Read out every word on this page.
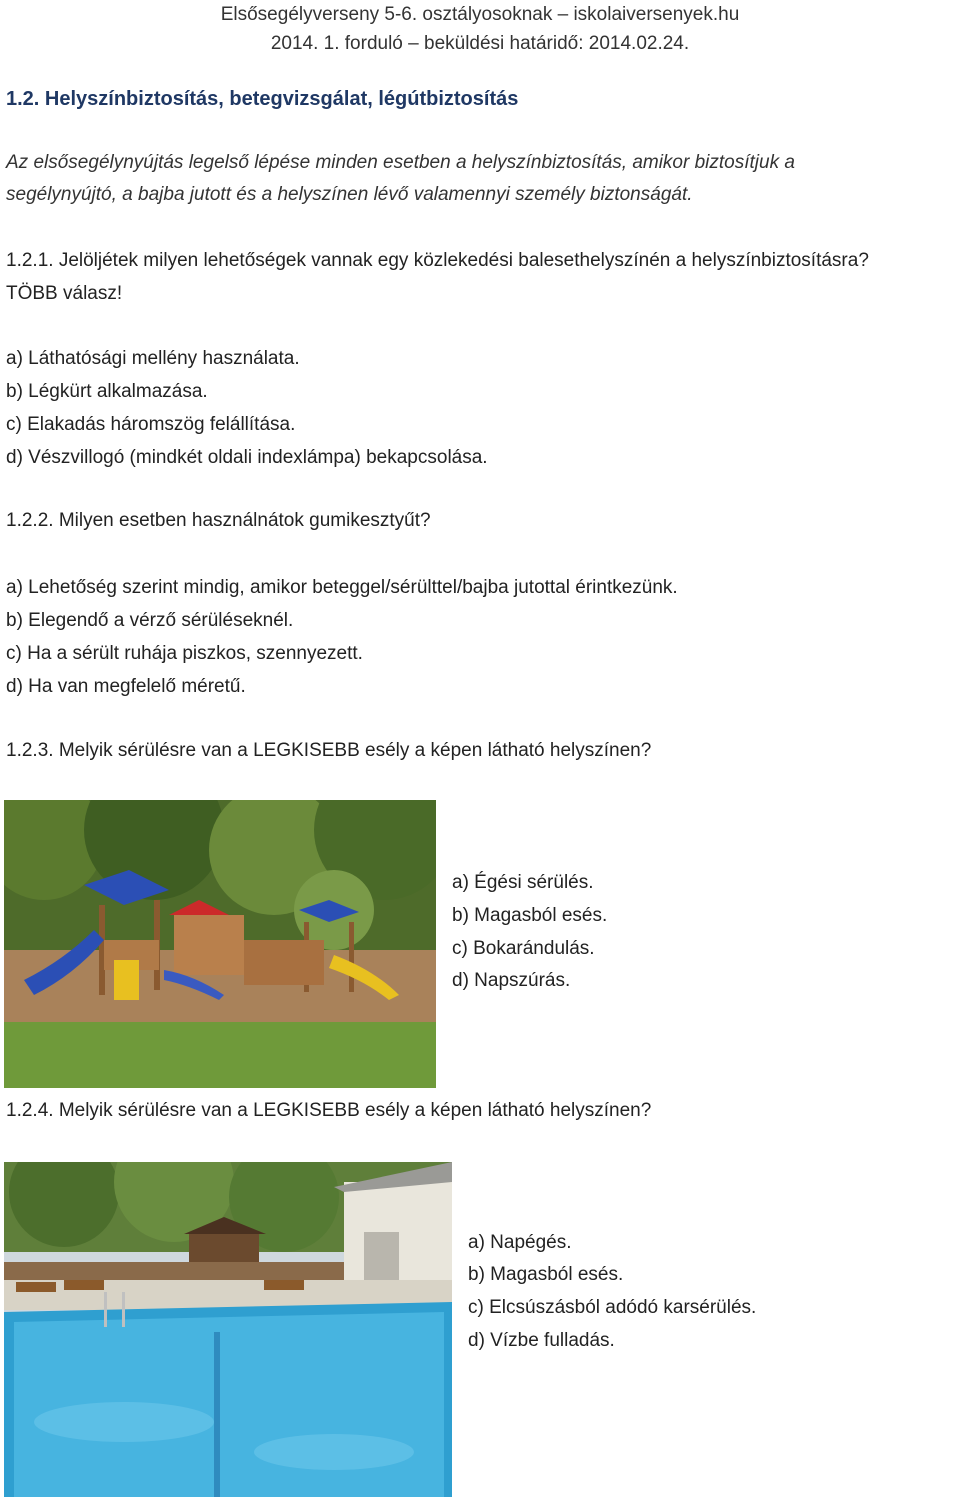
Elsősegélyverseny 5-6. osztályosoknak – iskolaiversenyek.hu
2014. 1. forduló – beküldési határidő: 2014.02.24.
1.2. Helyszínbiztosítás, betegvizsgálat, légútbiztosítás
Az elsősegélynyújtás legelső lépése minden esetben a helyszínbiztosítás, amikor biztosítjuk a
segélynyújtó, a bajba jutott és a helyszínen lévő valamennyi személy biztonságát.
1.2.1. Jelöljétek milyen lehetőségek vannak egy közlekedési balesethelyszínén a helyszínbiztosításra?
TÖBB válasz!
a) Láthatósági mellény használata.
b) Légkürt alkalmazása.
c) Elakadás háromszög felállítása.
d) Vészvillogó (mindkét oldali indexlámpa) bekapcsolása.
1.2.2. Milyen esetben használnátok gumikesztyűt?
a) Lehetőség szerint mindig, amikor beteggel/sérülttel/bajba jutottal érintkezünk.
b) Elegendő a vérző sérüléseknél.
c) Ha a sérült ruhája piszkos, szennyezett.
d) Ha van megfelelő méretű.
1.2.3. Melyik sérülésre van a LEGKISEBB esély a képen látható helyszínen?
a) Égési sérülés.
b) Magasból esés.
c) Bokarándulás.
d) Napszúrás.
1.2.4. Melyik sérülésre van a LEGKISEBB esély a képen látható helyszínen?
a) Napégés.
b) Magasból esés.
c) Elcsúszásból adódó karsérülés.
d) Vízbe fulladás.
